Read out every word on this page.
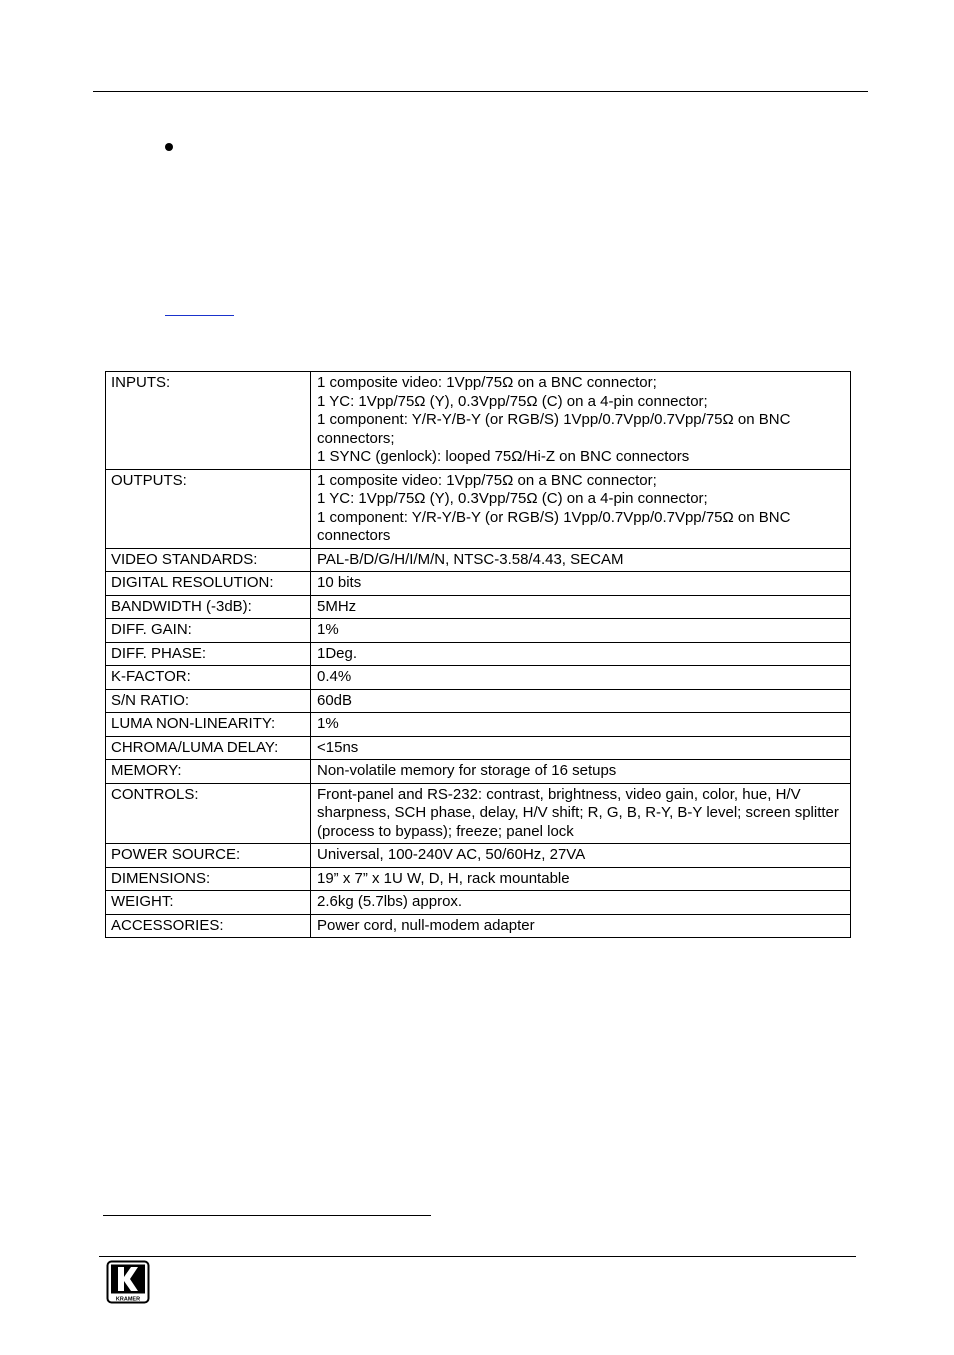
INPUTS:	1 composite video: 1Vpp/75Ω on a BNC connector;
1 YC: 1Vpp/75Ω (Y), 0.3Vpp/75Ω (C) on a 4-pin connector;
1 component: Y/R-Y/B-Y (or RGB/S) 1Vpp/0.7Vpp/0.7Vpp/75Ω on BNC connectors;
1 SYNC (genlock): looped 75Ω/Hi-Z on BNC connectors
OUTPUTS:	1 composite video: 1Vpp/75Ω on a BNC connector;
1 YC: 1Vpp/75Ω (Y), 0.3Vpp/75Ω (C) on a 4-pin connector;
1 component: Y/R-Y/B-Y (or RGB/S) 1Vpp/0.7Vpp/0.7Vpp/75Ω on BNC connectors
VIDEO STANDARDS:	PAL-B/D/G/H/I/M/N, NTSC-3.58/4.43, SECAM
DIGITAL RESOLUTION:	10 bits
BANDWIDTH (-3dB):	5MHz
DIFF. GAIN:	1%
DIFF. PHASE:	1Deg.
K-FACTOR:	0.4%
S/N RATIO:	60dB
LUMA NON-LINEARITY:	1%
CHROMA/LUMA DELAY:	<15ns
MEMORY:	Non-volatile memory for storage of 16 setups
CONTROLS:	Front-panel and RS-232: contrast, brightness, video gain, color, hue, H/V sharpness, SCH phase, delay, H/V shift; R, G, B, R-Y, B-Y level; screen splitter (process to bypass); freeze; panel lock
POWER SOURCE:	Universal, 100-240V AC, 50/60Hz, 27VA
DIMENSIONS:	19” x 7” x 1U W, D, H, rack mountable
WEIGHT:	2.6kg (5.7lbs) approx.
ACCESSORIES:	Power cord, null-modem adapter
KRAMER
